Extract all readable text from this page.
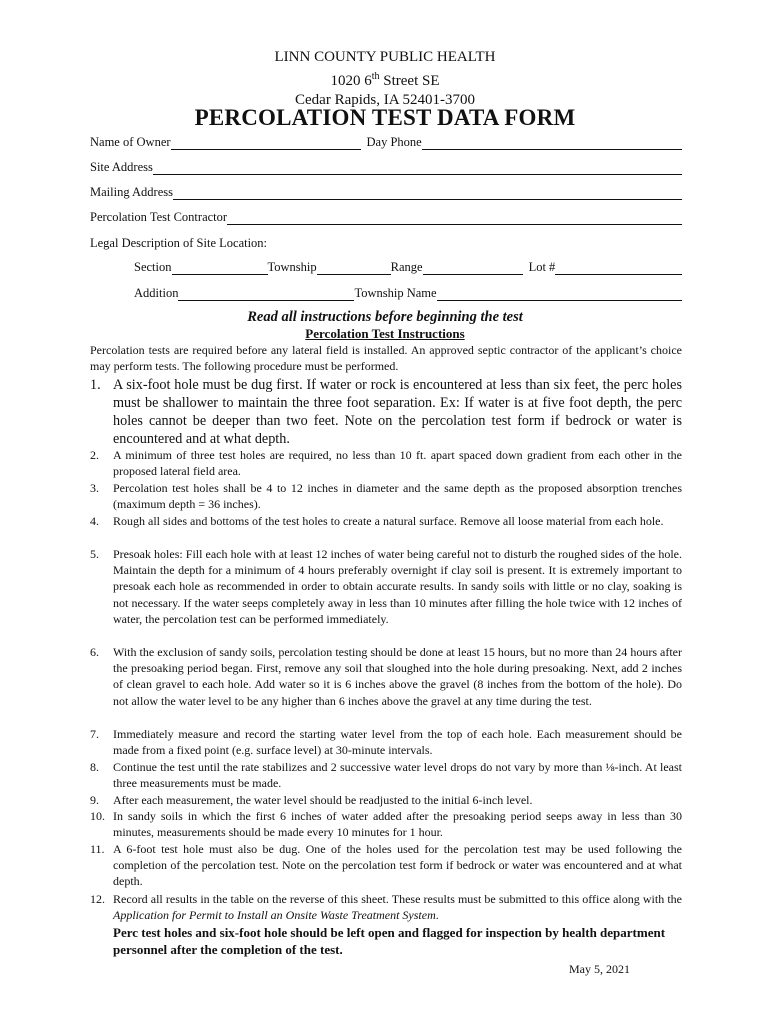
LINN COUNTY PUBLIC HEALTH
1020 6th Street SE
Cedar Rapids, IA 52401-3700
PERCOLATION TEST DATA FORM
Name of Owner	Day Phone
Site Address
Mailing Address
Percolation Test Contractor
Legal Description of Site Location:
Section	Township	Range	Lot #
Addition	Township Name
Read all instructions before beginning the test
Percolation Test Instructions
Percolation tests are required before any lateral field is installed. An approved septic contractor of the applicant’s choice may perform tests. The following procedure must be performed.
1. A six-foot hole must be dug first. If water or rock is encountered at less than six feet, the perc holes must be shallower to maintain the three foot separation. Ex: If water is at five foot depth, the perc holes cannot be deeper than two feet. Note on the percolation test form if bedrock or water is encountered and at what depth.
2.	A minimum of three test holes are required, no less than 10 ft. apart spaced down gradient from each other in the proposed lateral field area.
3.	Percolation test holes shall be 4 to 12 inches in diameter and the same depth as the proposed absorption trenches (maximum depth = 36 inches).
4.	Rough all sides and bottoms of the test holes to create a natural surface. Remove all loose material from each hole.
5.	Presoak holes: Fill each hole with at least 12 inches of water being careful not to disturb the roughed sides of the hole. Maintain the depth for a minimum of 4 hours preferably overnight if clay soil is present. It is extremely important to presoak each hole as recommended in order to obtain accurate results. In sandy soils with little or no clay, soaking is not necessary. If the water seeps completely away in less than 10 minutes after filling the hole twice with 12 inches of water, the percolation test can be performed immediately.
6.	With the exclusion of sandy soils, percolation testing should be done at least 15 hours, but no more than 24 hours after the presoaking period began. First, remove any soil that sloughed into the hole during presoaking. Next, add 2 inches of clean gravel to each hole. Add water so it is 6 inches above the gravel (8 inches from the bottom of the hole). Do not allow the water level to be any higher than 6 inches above the gravel at any time during the test.
7.	Immediately measure and record the starting water level from the top of each hole. Each measurement should be made from a fixed point (e.g. surface level) at 30-minute intervals.
8.	Continue the test until the rate stabilizes and 2 successive water level drops do not vary by more than ⅛-inch. At least three measurements must be made.
9.	After each measurement, the water level should be readjusted to the initial 6-inch level.
10. In sandy soils in which the first 6 inches of water added after the presoaking period seeps away in less than 30 minutes, measurements should be made every 10 minutes for 1 hour.
11. A 6-foot test hole must also be dug. One of the holes used for the percolation test may be used following the completion of the percolation test. Note on the percolation test form if bedrock or water was encountered and at what depth.
12. Record all results in the table on the reverse of this sheet. These results must be submitted to this office along with the Application for Permit to Install an Onsite Waste Treatment System.
Perc test holes and six-foot hole should be left open and flagged for inspection by health department personnel after the completion of the test.
May 5, 2021
